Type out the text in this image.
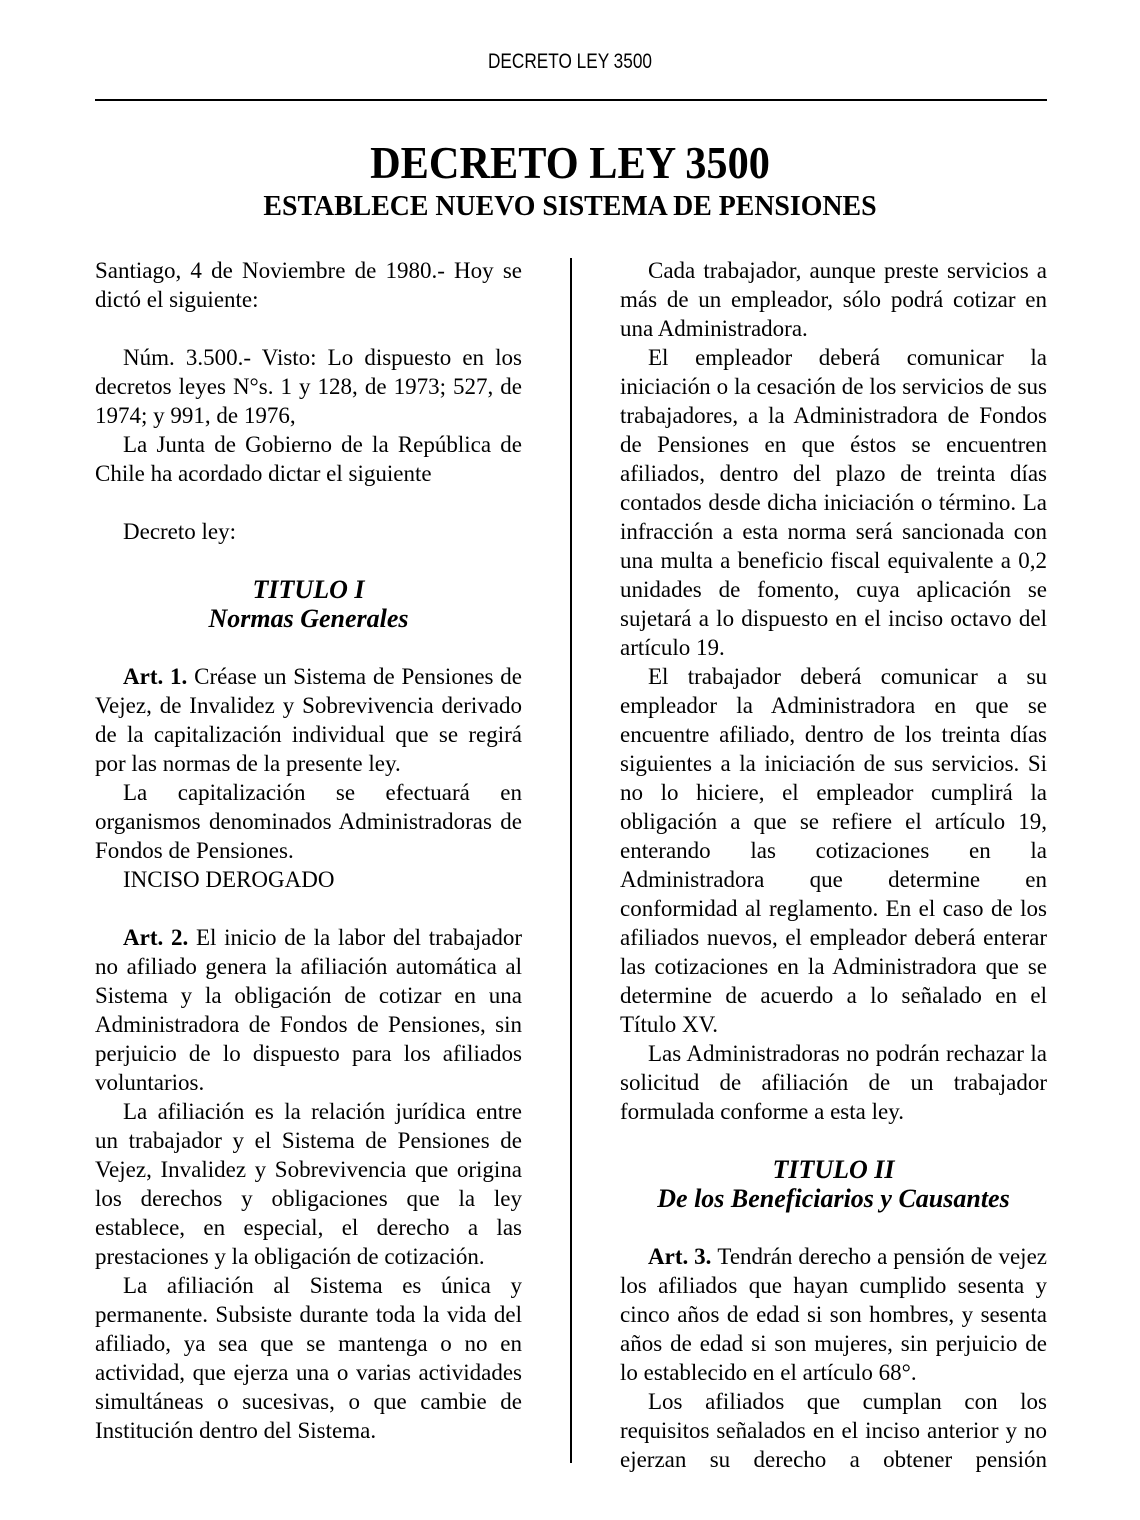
DECRETO LEY 3500
DECRETO LEY 3500
ESTABLECE NUEVO SISTEMA DE PENSIONES

Santiago, 4 de Noviembre de 1980.- Hoy se dictó el siguiente:

Núm. 3.500.- Visto: Lo dispuesto en los decretos leyes N°s. 1 y 128, de 1973; 527, de 1974; y 991, de 1976,

La Junta de Gobierno de la República de Chile ha acordado dictar el siguiente

Decreto ley:

TITULO I
Normas Generales

Art. 1. Créase un Sistema de Pensiones de Vejez, de Invalidez y Sobrevivencia derivado de la capitalización individual que se regirá por las normas de la presente ley.

La capitalización se efectuará en organismos denominados Administradoras de Fondos de Pensiones.

INCISO DEROGADO

Art. 2. El inicio de la labor del trabajador no afiliado genera la afiliación automática al Sistema y la obligación de cotizar en una Administradora de Fondos de Pensiones, sin perjuicio de lo dispuesto para los afiliados voluntarios.

La afiliación es la relación jurídica entre un trabajador y el Sistema de Pensiones de Vejez, Invalidez y Sobrevivencia que origina los derechos y obligaciones que la ley establece, en especial, el derecho a las prestaciones y la obligación de cotización.

La afiliación al Sistema es única y permanente. Subsiste durante toda la vida del afiliado, ya sea que se mantenga o no en actividad, que ejerza una o varias actividades simultáneas o sucesivas, o que cambie de Institución dentro del Sistema.

Cada trabajador, aunque preste servicios a más de un empleador, sólo podrá cotizar en una Administradora.

El empleador deberá comunicar la iniciación o la cesación de los servicios de sus trabajadores, a la Administradora de Fondos de Pensiones en que éstos se encuentren afiliados, dentro del plazo de treinta días contados desde dicha iniciación o término. La infracción a esta norma será sancionada con una multa a beneficio fiscal equivalente a 0,2 unidades de fomento, cuya aplicación se sujetará a lo dispuesto en el inciso octavo del artículo 19.

El trabajador deberá comunicar a su empleador la Administradora en que se encuentre afiliado, dentro de los treinta días siguientes a la iniciación de sus servicios. Si no lo hiciere, el empleador cumplirá la obligación a que se refiere el artículo 19, enterando las cotizaciones en la Administradora que determine en conformidad al reglamento. En el caso de los afiliados nuevos, el empleador deberá enterar las cotizaciones en la Administradora que se determine de acuerdo a lo señalado en el Título XV.

Las Administradoras no podrán rechazar la solicitud de afiliación de un trabajador formulada conforme a esta ley.

TITULO II
De los Beneficiarios y Causantes

Art. 3. Tendrán derecho a pensión de vejez los afiliados que hayan cumplido sesenta y cinco años de edad si son hombres, y sesenta años de edad si son mujeres, sin perjuicio de lo establecido en el artículo 68°.

Los afiliados que cumplan con los requisitos señalados en el inciso anterior y no ejerzan su derecho a obtener pensión
